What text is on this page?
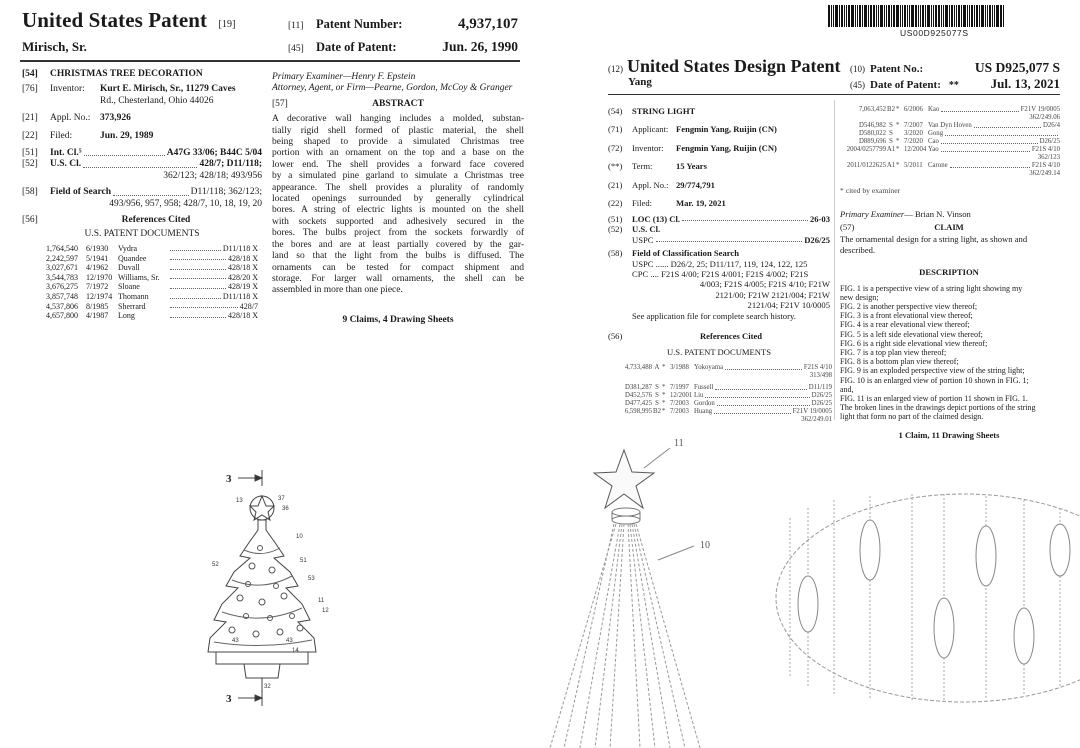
United States Patent [19]
Mirisch, Sr.
[11]	Patent Number:	4,937,107
[45] Date of Patent:	Jun. 26, 1990
[54]	CHRISTMAS TREE DECORATION
[76]	Inventor:	Kurt E. Mirisch, Sr., 11279 Caves
Rd., Chesterland, Ohio 44026
[21]	Appl. No.:	373,926
[22]	Filed:	Jun. 29, 1989
[51]	Int. Cl.⁵	A47G 33/06; B44C 5/04
[52]	U.S. Cl.	428/7; D11/118;
362/123; 428/18; 493/956
[58]	Field of Search	D11/118; 362/123;
493/956, 957, 958; 428/7, 10, 18, 19, 20
[56]	References Cited
U.S. PATENT DOCUMENTS
1,764,540	6/1930	Vydra	D11/118 X
2,242,597	5/1941	Quandee	428/18 X
3,027,671	4/1962	Duvall	428/18 X
3,544,783	12/1970 Williams, Sr.	428/20 X
3,676,275	7/1972	Sloane	428/19 X
3,857,748	12/1974 Thomann	D11/118 X
4,537,806	8/1985	Sherrard	428/7
4,657,800	4/1987	Long	428/18 X
Primary Examiner—Henry F. Epstein
Attorney, Agent, or Firm—Pearne, Gordon, McCoy & Granger
[57]	ABSTRACT
A decorative wall hanging includes a molded, substan-
tially rigid shell formed of plastic material, the shell
being shaped to provide a simulated Christmas tree
portion with an ornament on the top and a base on the
lower end. The shell provides a forward face covered
by a simulated pine garland to simulate a Christmas tree
appearance. The shell provides a plurality of randomly
located openings surrounded by generally cylindrical
bores. A string of electric lights is mounted on the shell
with sockets supported and adhesively secured in the
bores. The bulbs project from the sockets forwardly of
the bores and are at least partially covered by the gar-
land so that the light from the bulbs is diffused. The
ornaments can be tested for compact shipment and
storage. For larger wall ornaments, the shell can be
assembled in more than one piece.
9 Claims, 4 Drawing Sheets
3
3
13	37
36
10
51
52
53
11
12
43	43
14
32
US00D925077S
(12) United States Design Patent
Yang
(10) Patent No.:	US D925,077 S
(45) Date of Patent: ** Jul. 13, 2021
(54)	STRING LIGHT
(71)	Applicant: Fengmin Yang, Ruijin (CN)
(72)	Inventor:	Fengmin Yang, Ruijin (CN)
(**)	Term:	15 Years
(21)	Appl. No.: 29/774,791
(22)	Filed:	Mar. 19, 2021
(51)	LOC (13) Cl.	26-03
(52)	U.S. Cl.
USPC	D26/25
(58)	Field of Classification Search
USPC ...... D26/2, 25; D11/117, 119, 124, 122, 125
CPC .... F21S 4/00; F21S 4/001; F21S 4/002; F21S
4/003; F21S 4/005; F21S 4/10; F21W
2121/00; F21W 2121/004; F21W
2121/04; F21V 10/0005
See application file for complete search history.
(56)	References Cited
U.S. PATENT DOCUMENTS
4,733,488 A * 3/1988 Yokoyama	F21S 4/10
313/498
D381,287 S * 7/1997 Fussell	D11/119
D452,576 S * 12/2001 Liu	D26/25
D477,425 S * 7/2003 Gordon	D26/25
6,598,995 B2 * 7/2003 Huang	F21V 19/0005
362/249.01
7,063,452 B2 * 6/2006 Kao	F21V 19/0005
362/249.06
D546,982 S * 7/2007 Van Dyn Hoven	D26/4
D580,022 S	3/2020 Gong
D889,696 S * 7/2020 Cao	D26/25
2004/0257799 A1 * 12/2004 Yao	F21S 4/10
362/123
2011/0122625 A1 * 5/2011 Carone	F21S 4/10
362/249.14
* cited by examiner
Primary Examiner— Brian N. Vinson
(57)	CLAIM
The ornamental design for a string light, as shown and
described.
DESCRIPTION
FIG. 1 is a perspective view of a string light showing my
new design;
FIG. 2 is another perspective view thereof;
FIG. 3 is a front elevational view thereof;
FIG. 4 is a rear elevational view thereof;
FIG. 5 is a left side elevational view thereof;
FIG. 6 is a right side elevational view thereof;
FIG. 7 is a top plan view thereof;
FIG. 8 is a bottom plan view thereof;
FIG. 9 is an exploded perspective view of the string light;
FIG. 10 is an enlarged view of portion 10 shown in FIG. 1;
and,
FIG. 11 is an enlarged view of portion 11 shown in FIG. 1.
The broken lines in the drawings depict portions of the string
light that form no part of the claimed design.
1 Claim, 11 Drawing Sheets
11
10
